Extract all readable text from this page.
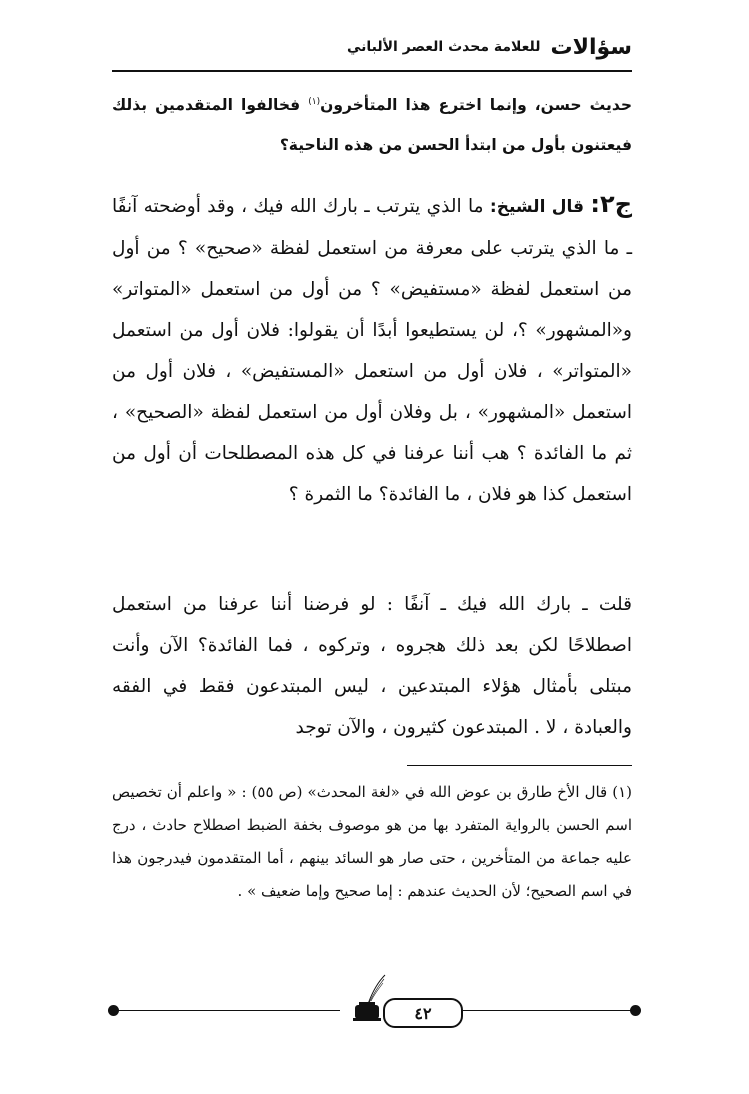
سؤالات
للعلامة محدث العصر الألباني
حديث حسن، وإنما اخترع هذا المتأخرون$^{(١)}$ فخالفوا المتقدمين بذلك فيعتنون بأول من ابتدأ الحسن من هذه الناحية؟
ج٢: قال الشيخ: ما الذي يترتب ـ بارك الله فيك ، وقد أوضحته آنفًا ـ ما الذي يترتب على معرفة من استعمل لفظة «صحيح» ؟ من أول من استعمل لفظة «مستفيض» ؟ من أول من استعمل «المتواتر» و«المشهور» ؟، لن يستطيعوا أبدًا أن يقولوا: فلان أول من استعمل «المتواتر» ، فلان أول من استعمل «المستفيض» ، فلان أول من استعمل «المشهور» ، بل وفلان أول من استعمل لفظة «الصحيح» ، ثم ما الفائدة ؟ هب أننا عرفنا في كل هذه المصطلحات أن أول من استعمل كذا هو فلان ، ما الفائدة؟ ما الثمرة ؟
قلت ـ بارك الله فيك ـ آنفًا : لو فرضنا أننا عرفنا من استعمل اصطلاحًا لكن بعد ذلك هجروه ، وتركوه ، فما الفائدة؟ الآن وأنت مبتلى بأمثال هؤلاء المبتدعين ، ليس المبتدعون فقط في الفقه والعبادة ، لا . المبتدعون كثيرون ، والآن توجد
(١) قال الأخ طارق بن عوض الله في «لغة المحدث» (ص ٥٥) : « واعلم أن تخصيص اسم الحسن بالرواية المتفرد بها من هو موصوف بخفة الضبط اصطلاح حادث ، درج عليه جماعة من المتأخرين ، حتى صار هو السائد بينهم ، أما المتقدمون فيدرجون هذا في اسم الصحيح؛ لأن الحديث عندهم : إما صحيح وإما ضعيف » .
٤٢
